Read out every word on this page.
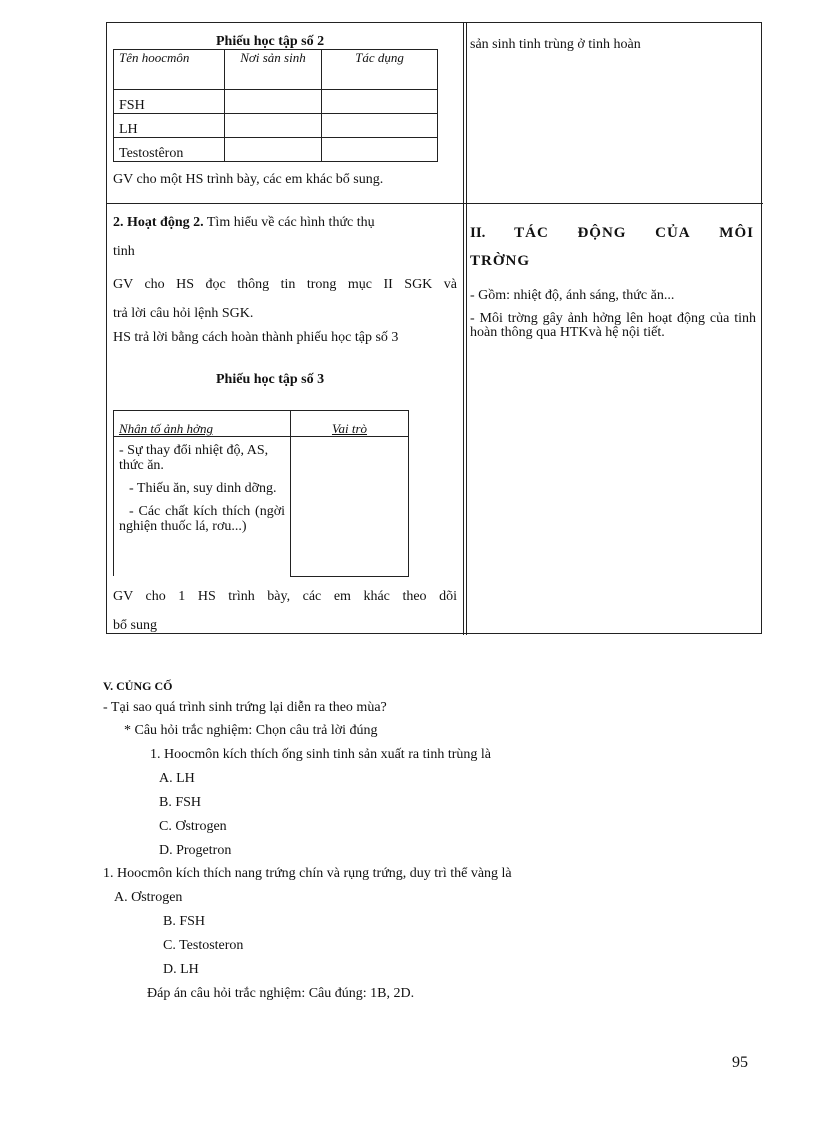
Phiếu học tập số 2
Tên hoocmôn	Nơi sản sinh	Tác dụng
FSH		
LH		
Testostêron		
GV cho một HS trình bày, các em khác bổ sung.
sản sinh tinh trùng ở tinh hoàn
2. Hoạt động 2. Tìm hiểu về các hình thức thụ
tinh
GV cho HS đọc thông tin trong mục II SGK và
trả lời câu hỏi lệnh SGK.
HS trả lời bằng cách hoàn thành phiếu học tập số 3
Phiếu học tập số 3
Nhân tố ảnh hởng	Vai trò

- Sự thay đổi nhiệt độ, AS, thức ăn.
- Thiếu ăn, suy dinh dỡng.
- Các chất kích thích (ngời nghiện thuốc lá, rơu...)	

GV cho 1 HS trình bày, các em khác theo dõi
bổ sung
II. TÁC ĐỘNG CỦA MÔI
TRỜNG
- Gồm: nhiệt độ, ánh sáng, thức ăn...
- Môi trờng gây ảnh hởng lên hoạt động của tinh hoàn thông qua HTKvà hệ nội tiết.
V. CỦNG CỐ
- Tại sao quá trình sinh trứng lại diễn ra theo mùa?
* Câu hỏi trắc nghiệm: Chọn câu trả lời đúng
1. Hoocmôn kích thích ống sinh tinh sản xuất ra tinh trùng là
A. LH
B. FSH
C. Ơstrogen
D. Progetron
1. Hoocmôn kích thích nang trứng chín và rụng trứng, duy trì thể vàng là
A. Ơstrogen
B. FSH
C. Testosteron
D. LH
Đáp án câu hỏi trắc nghiệm: Câu đúng: 1B, 2D.
95
